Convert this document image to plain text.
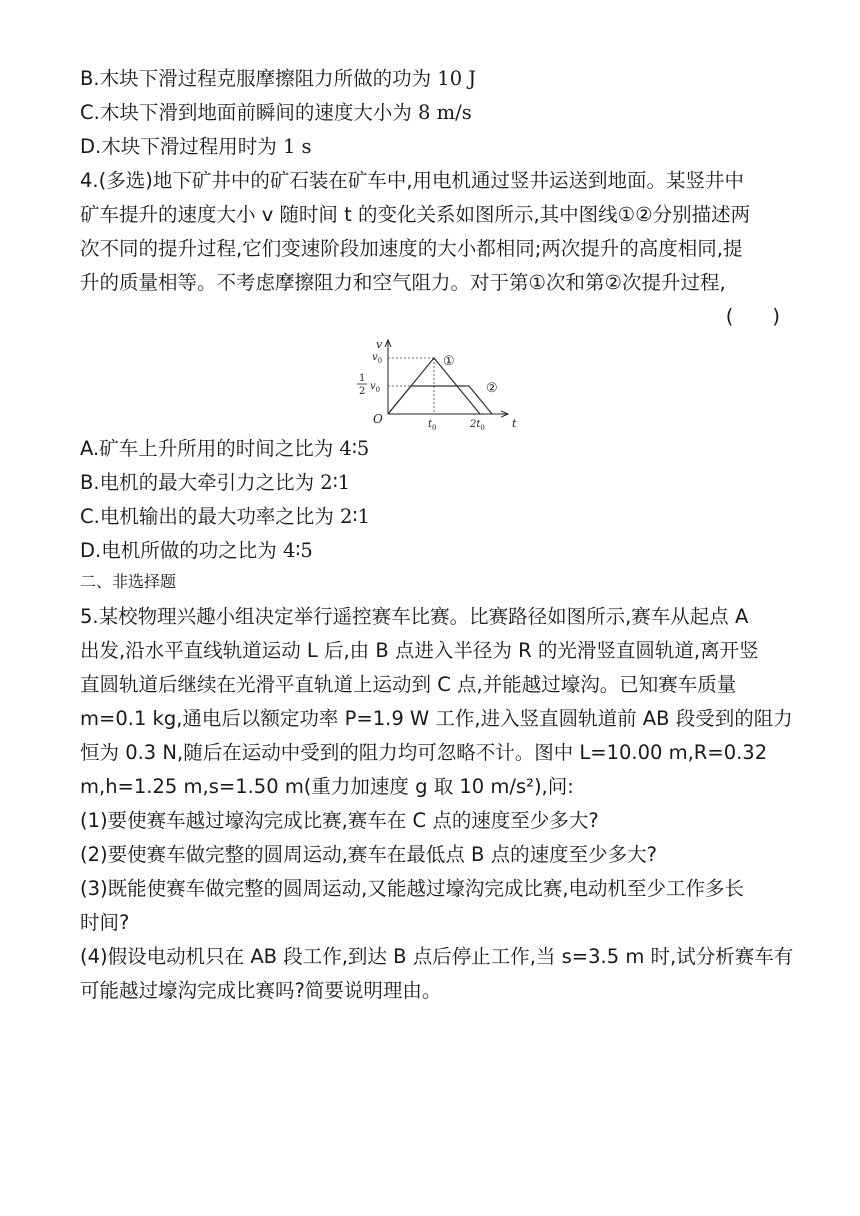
B.木块下滑过程克服摩擦阻力所做的功为 10 J
C.木块下滑到地面前瞬间的速度大小为 8 m/s
D.木块下滑过程用时为 1 s
4.(多选)地下矿井中的矿石装在矿车中,用电机通过竖井运送到地面。某竖井中
矿车提升的速度大小 v 随时间 t 的变化关系如图所示,其中图线①②分别描述两
次不同的提升过程,它们变速阶段加速度的大小都相同;两次提升的高度相同,提
升的质量相等。不考虑摩擦阻力和空气阻力。对于第①次和第②次提升过程,
(　　)
v
t
O
$v_0$
1
2 $v_0$
$t_0$	$2t_0$
①
②
A.矿车上升所用的时间之比为 4∶5
B.电机的最大牵引力之比为 2∶1
C.电机输出的最大功率之比为 2∶1
D.电机所做的功之比为 4∶5
二、非选择题
5.某校物理兴趣小组决定举行遥控赛车比赛。比赛路径如图所示,赛车从起点 A
出发,沿水平直线轨道运动 L 后,由 B 点进入半径为 R 的光滑竖直圆轨道,离开竖
直圆轨道后继续在光滑平直轨道上运动到 C 点,并能越过壕沟。已知赛车质量
m=0.1 kg,通电后以额定功率 P=1.9 W 工作,进入竖直圆轨道前 AB 段受到的阻力
恒为 0.3 N,随后在运动中受到的阻力均可忽略不计。图中 L=10.00 m,R=0.32
m,h=1.25 m,s=1.50 m(重力加速度 g 取 10 m/s²),问:
(1)要使赛车越过壕沟完成比赛,赛车在 C 点的速度至少多大?
(2)要使赛车做完整的圆周运动,赛车在最低点 B 点的速度至少多大?
(3)既能使赛车做完整的圆周运动,又能越过壕沟完成比赛,电动机至少工作多长
时间?
(4)假设电动机只在 AB 段工作,到达 B 点后停止工作,当 s=3.5 m 时,试分析赛车有
可能越过壕沟完成比赛吗?简要说明理由。
